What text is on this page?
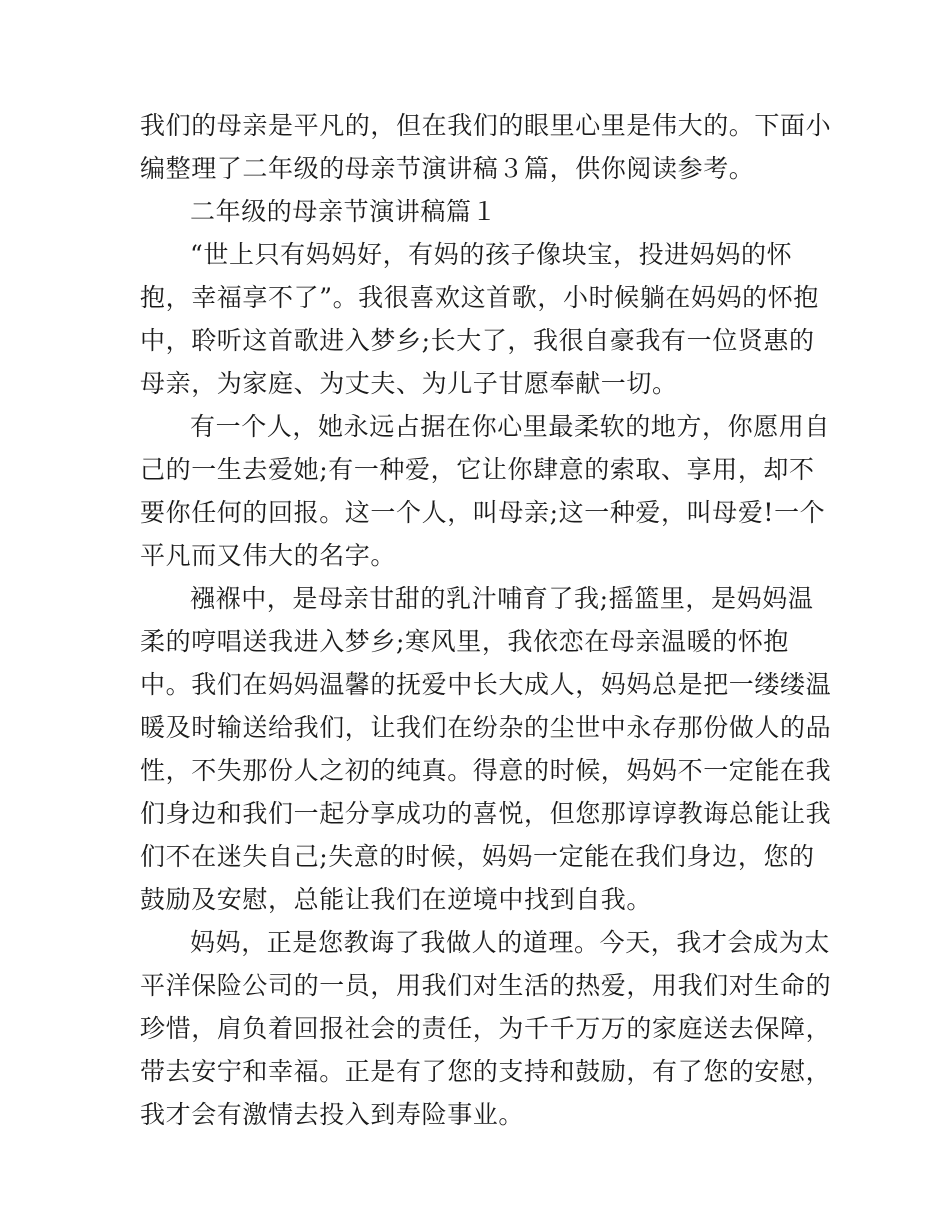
我们的母亲是平凡的，但在我们的眼里心里是伟大的。下面小
编整理了二年级的母亲节演讲稿３篇，供你阅读参考。
二年级的母亲节演讲稿篇１
“世上只有妈妈好，有妈的孩子像块宝，投进妈妈的怀
抱，幸福享不了”。我很喜欢这首歌，小时候躺在妈妈的怀抱
中，聆听这首歌进入梦乡;长大了，我很自豪我有一位贤惠的
母亲，为家庭、为丈夫、为儿子甘愿奉献一切。
有一个人，她永远占据在你心里最柔软的地方，你愿用自
己的一生去爱她;有一种爱，它让你肆意的索取、享用，却不
要你任何的回报。这一个人，叫母亲;这一种爱，叫母爱!一个
平凡而又伟大的名字。
襁褓中，是母亲甘甜的乳汁哺育了我;摇篮里，是妈妈温
柔的哼唱送我进入梦乡;寒风里，我依恋在母亲温暖的怀抱
中。我们在妈妈温馨的抚爱中长大成人，妈妈总是把一缕缕温
暖及时输送给我们，让我们在纷杂的尘世中永存那份做人的品
性，不失那份人之初的纯真。得意的时候，妈妈不一定能在我
们身边和我们一起分享成功的喜悦，但您那谆谆教诲总能让我
们不在迷失自己;失意的时候，妈妈一定能在我们身边，您的
鼓励及安慰，总能让我们在逆境中找到自我。
妈妈，正是您教诲了我做人的道理。今天，我才会成为太
平洋保险公司的一员，用我们对生活的热爱，用我们对生命的
珍惜，肩负着回报社会的责任，为千千万万的家庭送去保障，
带去安宁和幸福。正是有了您的支持和鼓励，有了您的安慰，
我才会有激情去投入到寿险事业。
